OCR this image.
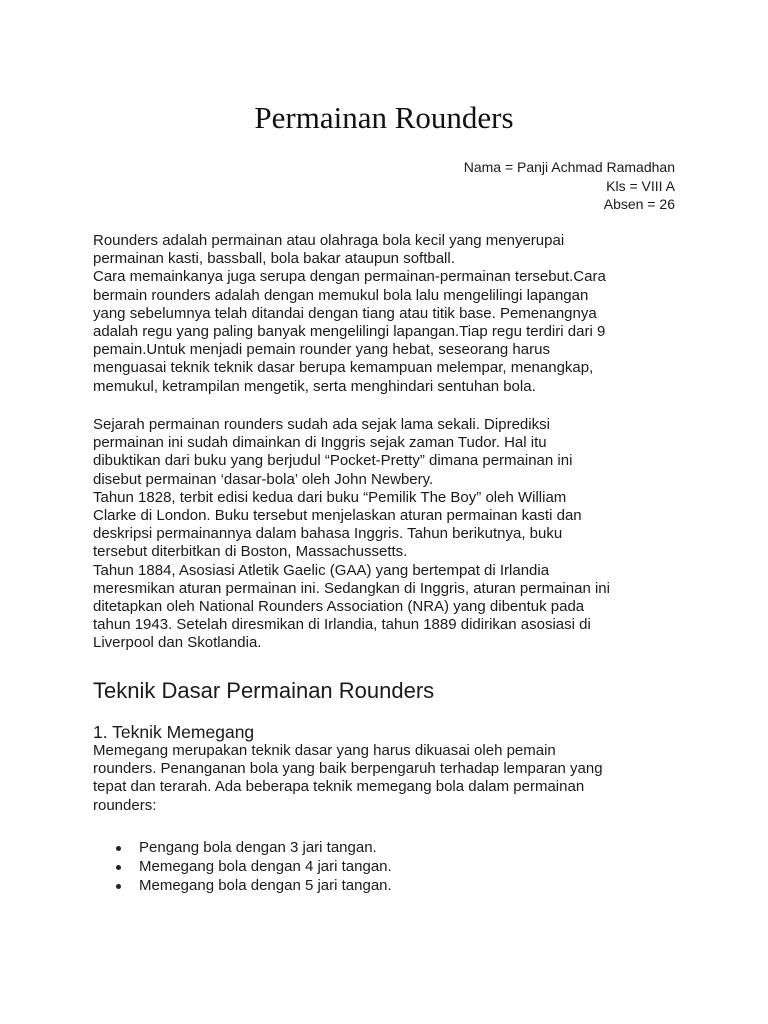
Permainan Rounders
Nama = Panji Achmad Ramadhan
Kls = VIII A
Absen = 26

Rounders adalah permainan atau olahraga bola kecil yang menyerupai

permainan kasti, bassball, bola bakar ataupun softball.

Cara memainkanya juga serupa dengan permainan-permainan tersebut.Cara

bermain rounders adalah dengan memukul bola lalu mengelilingi lapangan

yang sebelumnya telah ditandai dengan tiang atau titik base. Pemenangnya

adalah regu yang paling banyak mengelilingi lapangan.Tiap regu terdiri dari 9

pemain.Untuk menjadi pemain rounder yang hebat, seseorang harus

menguasai teknik teknik dasar berupa kemampuan melempar, menangkap,

memukul, ketrampilan mengetik, serta menghindari sentuhan bola.

Sejarah permainan rounders sudah ada sejak lama sekali. Diprediksi

permainan ini sudah dimainkan di Inggris sejak zaman Tudor. Hal itu

dibuktikan dari buku yang berjudul “Pocket-Pretty” dimana permainan ini

disebut permainan ‘dasar-bola’ oleh John Newbery.

Tahun 1828, terbit edisi kedua dari buku “Pemilik The Boy” oleh William

Clarke di London. Buku tersebut menjelaskan aturan permainan kasti dan

deskripsi permainannya dalam bahasa Inggris. Tahun berikutnya, buku

tersebut diterbitkan di Boston, Massachussetts.

Tahun 1884, Asosiasi Atletik Gaelic (GAA) yang bertempat di Irlandia

meresmikan aturan permainan ini. Sedangkan di Inggris, aturan permainan ini

ditetapkan oleh National Rounders Association (NRA) yang dibentuk pada

tahun 1943. Setelah diresmikan di Irlandia, tahun 1889 didirikan asosiasi di

Liverpool dan Skotlandia.

Teknik Dasar Permainan Rounders
1. Teknik Memegang

Memegang merupakan teknik dasar yang harus dikuasai oleh pemain

rounders. Penanganan bola yang baik berpengaruh terhadap lemparan yang

tepat dan terarah. Ada beberapa teknik memegang bola dalam permainan

rounders:

Pengang bola dengan 3 jari tangan.
Memegang bola dengan 4 jari tangan.
Memegang bola dengan 5 jari tangan.
